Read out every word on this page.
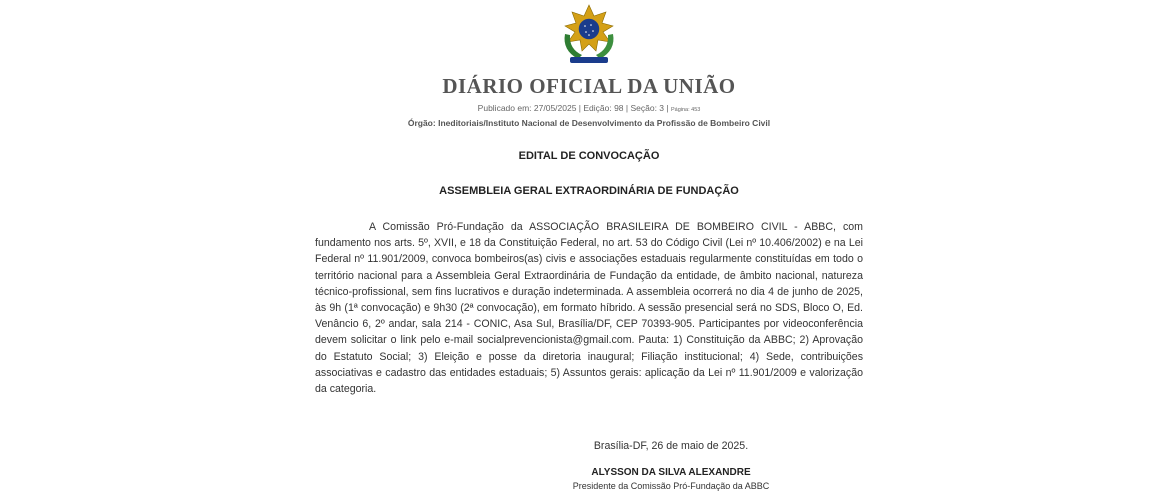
DIÁRIO OFICIAL DA UNIÃO
Publicado em: 27/05/2025 | Edição: 98 | Seção: 3 | Página: 453
Órgão: Ineditoriais/Instituto Nacional de Desenvolvimento da Profissão de Bombeiro Civil
EDITAL DE CONVOCAÇÃO
ASSEMBLEIA GERAL EXTRAORDINÁRIA DE FUNDAÇÃO

A Comissão Pró-Fundação da ASSOCIAÇÃO BRASILEIRA DE BOMBEIRO CIVIL - ABBC, com fundamento nos arts. 5º, XVII, e 18 da Constituição Federal, no art. 53 do Código Civil (Lei nº 10.406/2002) e na Lei Federal nº 11.901/2009, convoca bombeiros(as) civis e associações estaduais regularmente constituídas em todo o território nacional para a Assembleia Geral Extraordinária de Fundação da entidade, de âmbito nacional, natureza técnico-profissional, sem fins lucrativos e duração indeterminada. A assembleia ocorrerá no dia 4 de junho de 2025, às 9h (1ª convocação) e 9h30 (2ª convocação), em formato híbrido. A sessão presencial será no SDS, Bloco O, Ed. Venâncio 6, 2º andar, sala 214 - CONIC, Asa Sul, Brasília/DF, CEP 70393-905. Participantes por videoconferência devem solicitar o link pelo e-mail socialprevencionista@gmail.com. Pauta: 1) Constituição da ABBC; 2) Aprovação do Estatuto Social; 3) Eleição e posse da diretoria inaugural; Filiação institucional; 4) Sede, contribuições associativas e cadastro das entidades estaduais; 5) Assuntos gerais: aplicação da Lei nº 11.901/2009 e valorização da categoria.

Brasília-DF, 26 de maio de 2025.
ALYSSON DA SILVA ALEXANDRE
Presidente da Comissão Pró-Fundação da ABBC
